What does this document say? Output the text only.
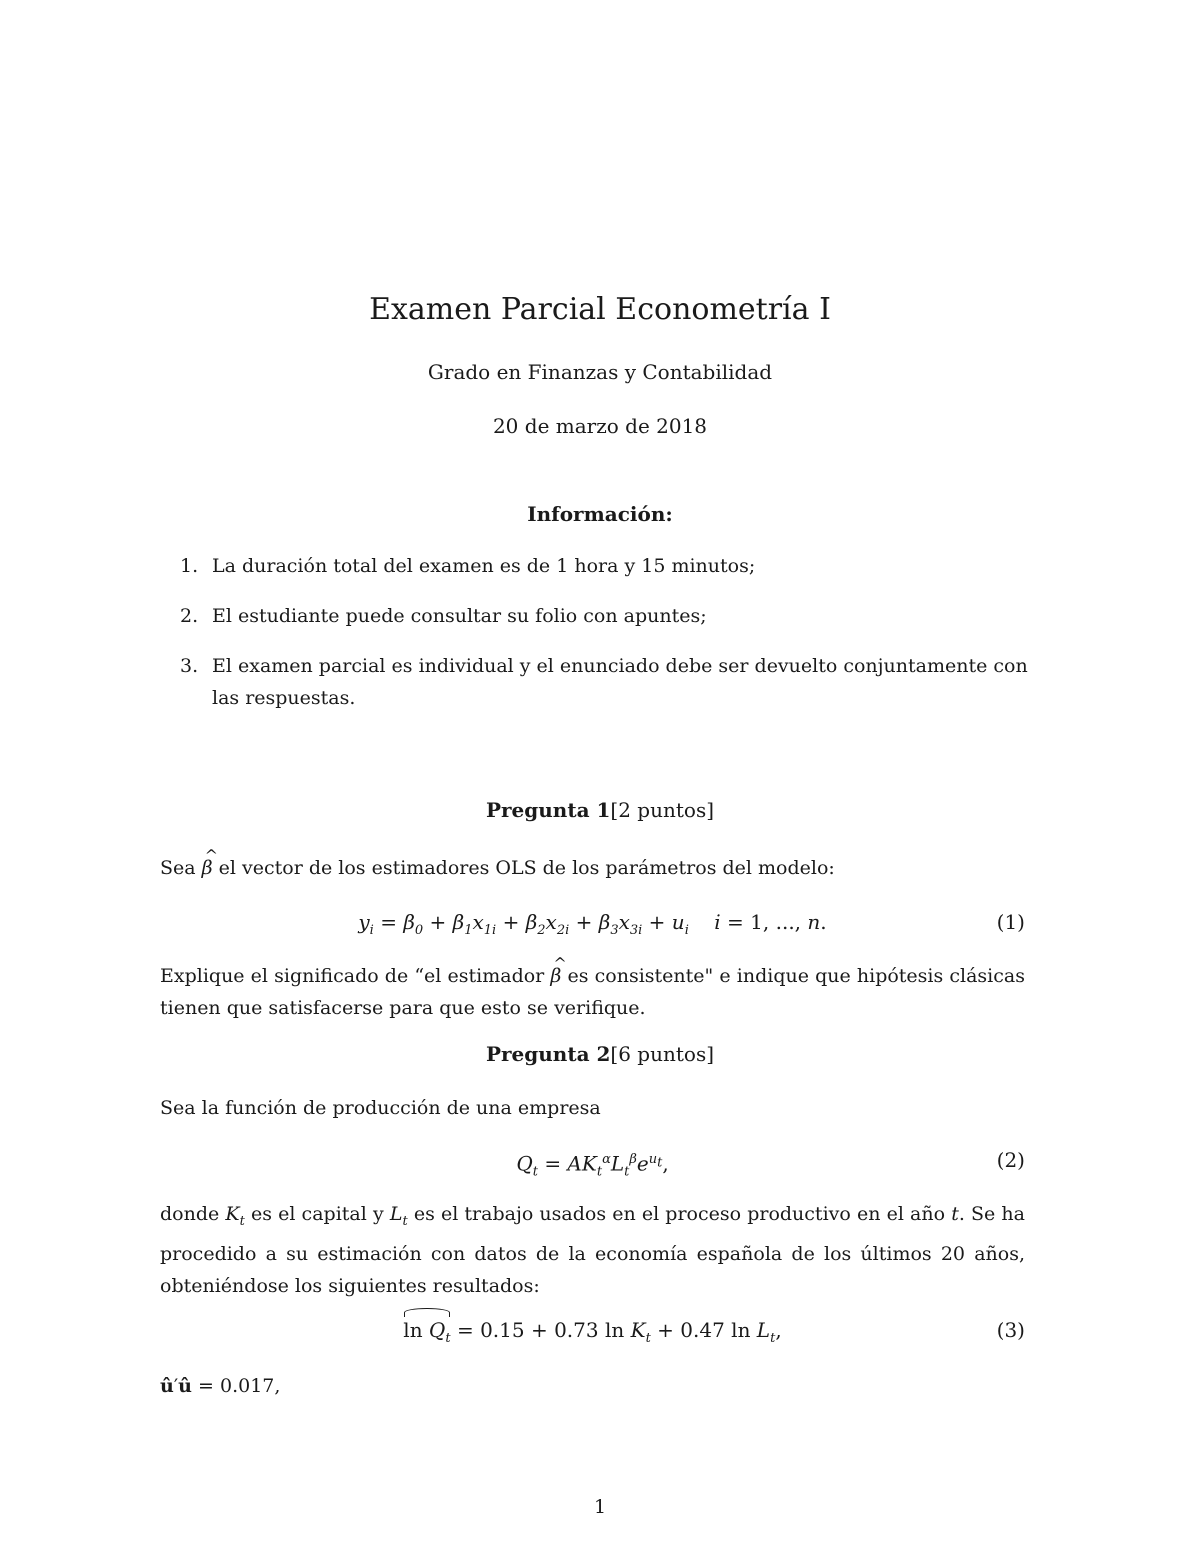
Examen Parcial Econometría I
Grado en Finanzas y Contabilidad
20 de marzo de 2018
Información:
1. La duración total del examen es de 1 hora y 15 minutos;
2. El estudiante puede consultar su folio con apuntes;
3. El examen parcial es individual y el enunciado debe ser devuelto conjuntamente con las respuestas.
Pregunta 1[2 puntos]
Sea ^ β el vector de los estimadores OLS de los parámetros del modelo:
$y_i = \beta_0 + \beta_1x_{1i} + \beta_2x_{2i} + \beta_3x_{3i} + u_i$    i = 1, ..., n.	(1)
Explique el significado de “el estimador ^ β es consistente" e indique que hipótesis clásicas tienen que satisfacerse para que esto se verifique.
Pregunta 2[6 puntos]
Sea la función de producción de una empresa
$Q_t = AK_t^\alpha L_t^\beta e^{u_t}$,	(2)
donde $K_t$ es el capital y $L_t$ es el trabajo usados en el proceso productivo en el año t. Se ha procedido a su estimación con datos de la economía española de los últimos 20 años, obteniéndose los siguientes resultados:
$\ln Q_t = 0.15 + 0.73$ $\ln K_t + 0.47$ $\ln L_t$,	(3)
û′û = 0.017,
1
